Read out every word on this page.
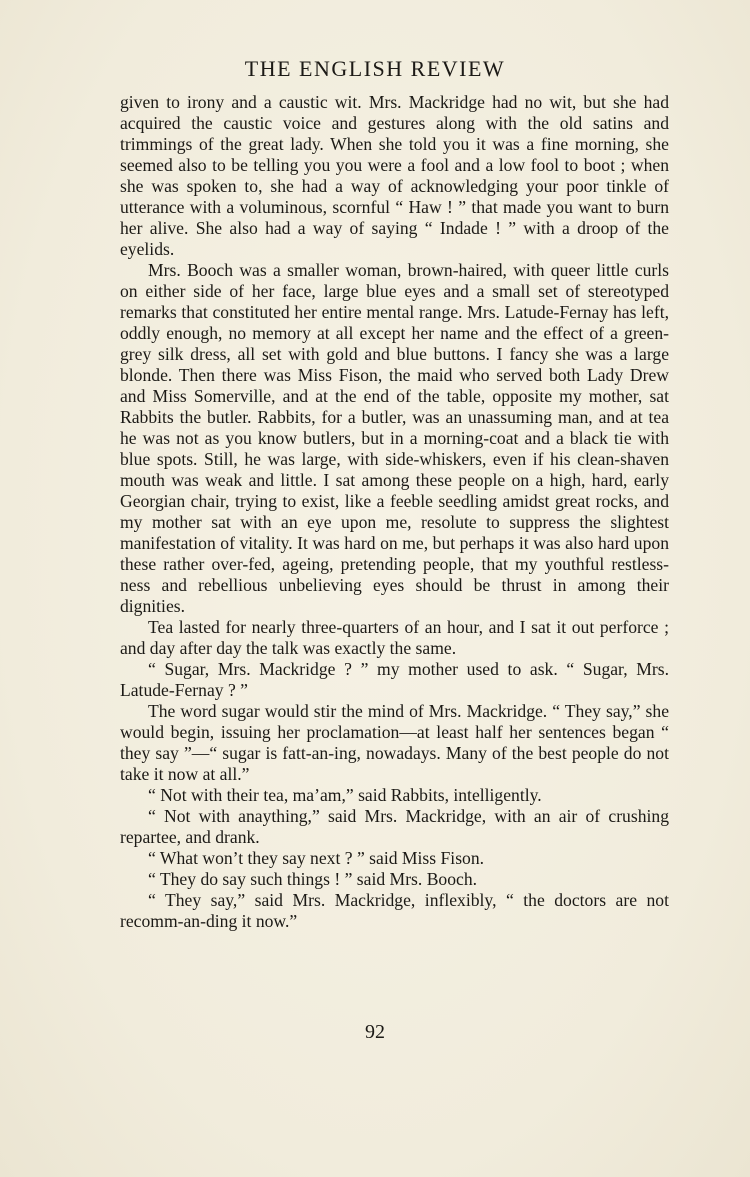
THE ENGLISH REVIEW

given to irony and a caustic wit. Mrs. Mackridge had no wit, but she had acquired the caustic voice and gestures along with the old satins and trimmings of the great lady. When she told you it was a fine morning, she seemed also to be telling you you were a fool and a low fool to boot ; when she was spoken to, she had a way of acknowledging your poor tinkle of utterance with a voluminous, scornful “ Haw ! ” that made you want to burn her alive. She also had a way of saying “ Indade ! ” with a droop of the eyelids.

Mrs. Booch was a smaller woman, brown-haired, with queer little curls on either side of her face, large blue eyes and a small set of stereotyped remarks that constituted her entire mental range. Mrs. Latude-Fernay has left, oddly enough, no memory at all except her name and the effect of a green-grey silk dress, all set with gold and blue buttons. I fancy she was a large blonde. Then there was Miss Fison, the maid who served both Lady Drew and Miss Somerville, and at the end of the table, opposite my mother, sat Rabbits the butler. Rabbits, for a butler, was an unassuming man, and at tea he was not as you know butlers, but in a morning-coat and a black tie with blue spots. Still, he was large, with side-whiskers, even if his clean-shaven mouth was weak and little. I sat among these people on a high, hard, early Georgian chair, trying to exist, like a feeble seedling amidst great rocks, and my mother sat with an eye upon me, resolute to suppress the slightest manifestation of vitality. It was hard on me, but perhaps it was also hard upon these rather over-fed, ageing, pretending people, that my youthful restless-ness and rebellious unbelieving eyes should be thrust in among their dignities.

Tea lasted for nearly three-quarters of an hour, and I sat it out perforce ; and day after day the talk was exactly the same.

“ Sugar, Mrs. Mackridge ? ” my mother used to ask. “ Sugar, Mrs. Latude-Fernay ? ”

The word sugar would stir the mind of Mrs. Mackridge. “ They say,” she would begin, issuing her proclamation—at least half her sentences began “ they say ”—“ sugar is fatt-an-ing, nowadays. Many of the best people do not take it now at all.”

“ Not with their tea, ma’am,” said Rabbits, intelligently.

“ Not with anaything,” said Mrs. Mackridge, with an air of crushing repartee, and drank.

“ What won’t they say next ? ” said Miss Fison.

“ They do say such things ! ” said Mrs. Booch.

“ They say,” said Mrs. Mackridge, inflexibly, “ the doctors are not recomm-an-ding it now.”

92
